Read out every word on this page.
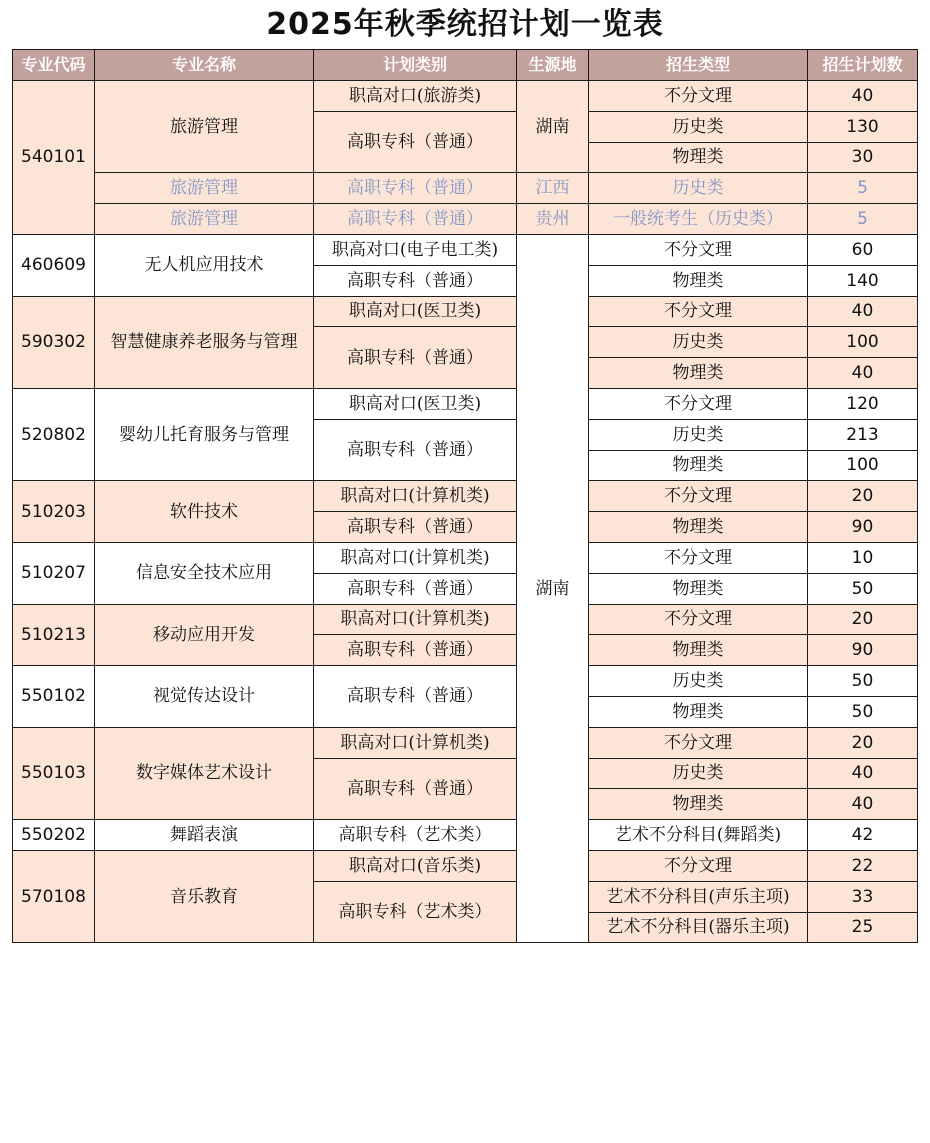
2025年秋季统招计划一览表
专业代码	专业名称	计划类别	生源地	招生类型	招生计划数
540101	旅游管理	职高对口(旅游类)	湖南	不分文理	40
		高职专科（普通）		历史类	130
				物理类	30
	旅游管理	高职专科（普通）	江西	历史类	5
	旅游管理	高职专科（普通）	贵州	一般统考生（历史类）	5
460609	无人机应用技术	职高对口(电子电工类)	湖南	不分文理	60
		高职专科（普通）		物理类	140
590302	智慧健康养老服务与管理	职高对口(医卫类)		不分文理	40
		高职专科（普通）		历史类	100
				物理类	40
520802	婴幼儿托育服务与管理	职高对口(医卫类)		不分文理	120
		高职专科（普通）		历史类	213
				物理类	100
510203	软件技术	职高对口(计算机类)		不分文理	20
		高职专科（普通）		物理类	90
510207	信息安全技术应用	职高对口(计算机类)		不分文理	10
		高职专科（普通）		物理类	50
510213	移动应用开发	职高对口(计算机类)		不分文理	20
		高职专科（普通）		物理类	90
550102	视觉传达设计	高职专科（普通）		历史类	50
				物理类	50
550103	数字媒体艺术设计	职高对口(计算机类)		不分文理	20
		高职专科（普通）		历史类	40
				物理类	40
550202	舞蹈表演	高职专科（艺术类）		艺术不分科目(舞蹈类)	42
570108	音乐教育	职高对口(音乐类)		不分文理	22
		高职专科（艺术类）		艺术不分科目(声乐主项)	33
				艺术不分科目(器乐主项)	25
